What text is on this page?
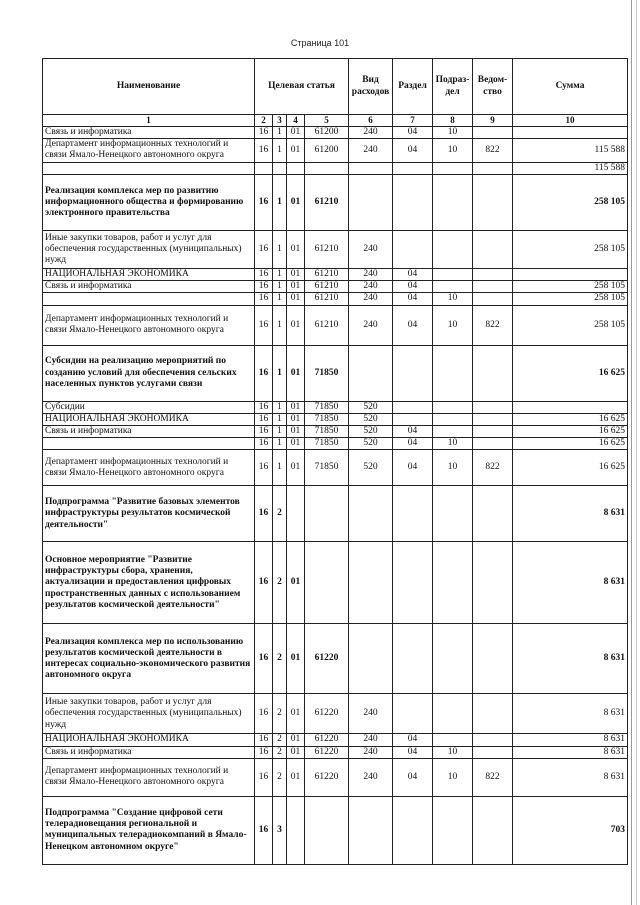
Страница 101
Наименование	Целевая статья				Вид расходов	Раздел	Подраз-дел	Ведом-ство	Сумма
1	2	3	4	5	6	7	8	9	10
Связь и информатика	16	1	01	61200	240	04	10		
Департамент информационных технологий и связи Ямало-Ненецкого автономного округа	16	1	01	61200	240	04	10	822	115 588
									115 588
Реализация комплекса мер по развитию информационного общества и формированию электронного правительства	16	1	01	61210					258 105
Иные закупки товаров, работ и услуг для обеспечения государственных (муниципальных) нужд	16	1	01	61210	240				258 105
НАЦИОНАЛЬНАЯ ЭКОНОМИКА	16	1	01	61210	240	04			
Связь и информатика	16	1	01	61210	240	04			258 105
	16	1	01	61210	240	04	10		258 105
Департамент информационных технологий и связи Ямало-Ненецкого автономного округа	16	1	01	61210	240	04	10	822	258 105
Субсидии на реализацию мероприятий по созданию условий для обеспечения сельских населенных пунктов услугами связи	16	1	01	71850					16 625
Субсидии	16	1	01	71850	520				
НАЦИОНАЛЬНАЯ ЭКОНОМИКА	16	1	01	71850	520				16 625
Связь и информатика	16	1	01	71850	520	04			16 625
	16	1	01	71850	520	04	10		16 625
Департамент информационных технологий и связи Ямало-Ненецкого автономного округа	16	1	01	71850	520	04	10	822	16 625
Подпрограмма "Развитие базовых элементов инфраструктуры результатов космической деятельности"	16	2							8 631
Основное мероприятие "Развитие инфраструктуры сбора, хранения, актуализации и предоставления цифровых пространственных данных с использованием результатов космической деятельности"	16	2	01						8 631
Реализация комплекса мер по использованию результатов космической деятельности в интересах социально-экономического развития автономного округа	16	2	01	61220					8 631
Иные закупки товаров, работ и услуг для обеспечения государственных (муниципальных) нужд	16	2	01	61220	240				8 631
НАЦИОНАЛЬНАЯ ЭКОНОМИКА	16	2	01	61220	240	04			8 631
Связь и информатика	16	2	01	61220	240	04	10		8 631
Департамент информационных технологий и связи Ямало-Ненецкого автономного округа	16	2	01	61220	240	04	10	822	8 631
Подпрограмма "Создание цифровой сети телерадиовещания региональной и муниципальных телерадиокомпаний в Ямало-Ненецком автономном округе"	16	3							703
